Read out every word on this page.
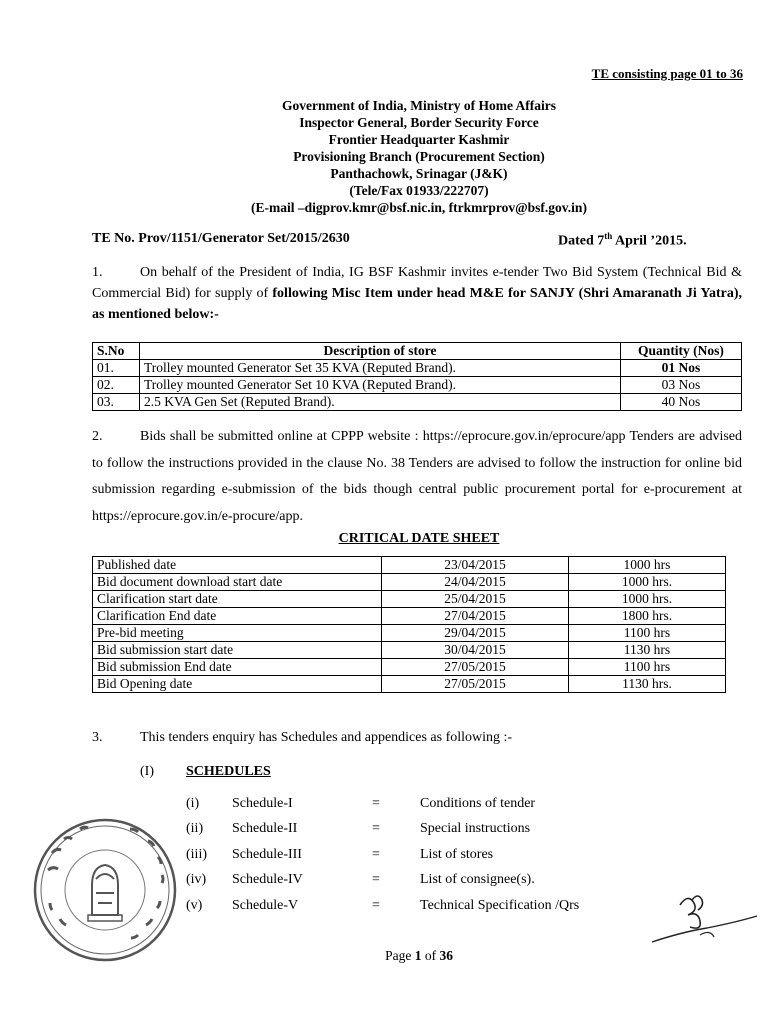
TE consisting page 01 to 36
Government of India, Ministry of Home Affairs
Inspector General, Border Security Force
Frontier Headquarter Kashmir
Provisioning Branch (Procurement Section)
Panthachowk, Srinagar (J&K)
(Tele/Fax 01933/222707)
(E-mail –digprov.kmr@bsf.nic.in, ftrkmrprov@bsf.gov.in)
TE No. Prov/1151/Generator Set/2015/2630	Dated 7th April ’2015.
1.	On behalf of the President of India, IG BSF Kashmir invites e-tender Two Bid System (Technical Bid & Commercial Bid) for supply of following Misc Item under head M&E for SANJY (Shri Amaranath Ji Yatra), as mentioned below:-
S.No	Description of store	Quantity (Nos)
01.	Trolley mounted Generator Set 35 KVA (Reputed Brand).	01 Nos
02.	Trolley mounted Generator Set 10 KVA (Reputed Brand).	03 Nos
03.	2.5 KVA Gen Set (Reputed Brand).	40 Nos
2.	Bids shall be submitted online at CPPP website : https://eprocure.gov.in/eprocure/app Tenders are advised to follow the instructions provided in the clause No. 38 Tenders are advised to follow the instruction for online bid submission regarding e-submission of the bids though central public procurement portal for e-procurement at https://eprocure.gov.in/e-procure/app.
CRITICAL DATE SHEET
Published date	23/04/2015	1000 hrs
Bid document download start date	24/04/2015	1000 hrs.
Clarification start date	25/04/2015	1000 hrs.
Clarification End date	27/04/2015	1800 hrs.
Pre-bid meeting	29/04/2015	1100 hrs
Bid submission start date	30/04/2015	1130 hrs
Bid submission End date	27/05/2015	1100 hrs
Bid Opening date	27/05/2015	1130 hrs.
3.	This tenders enquiry has Schedules and appendices as following :-
(I) SCHEDULES
(i) Schedule-I	=	Conditions of tender
(ii) Schedule-II	=	Special instructions
(iii) Schedule-III	=	List of stores
(iv) Schedule-IV	=	List of consignee(s).
(v) Schedule-V	=	Technical Specification /Qrs
Page 1 of 36
